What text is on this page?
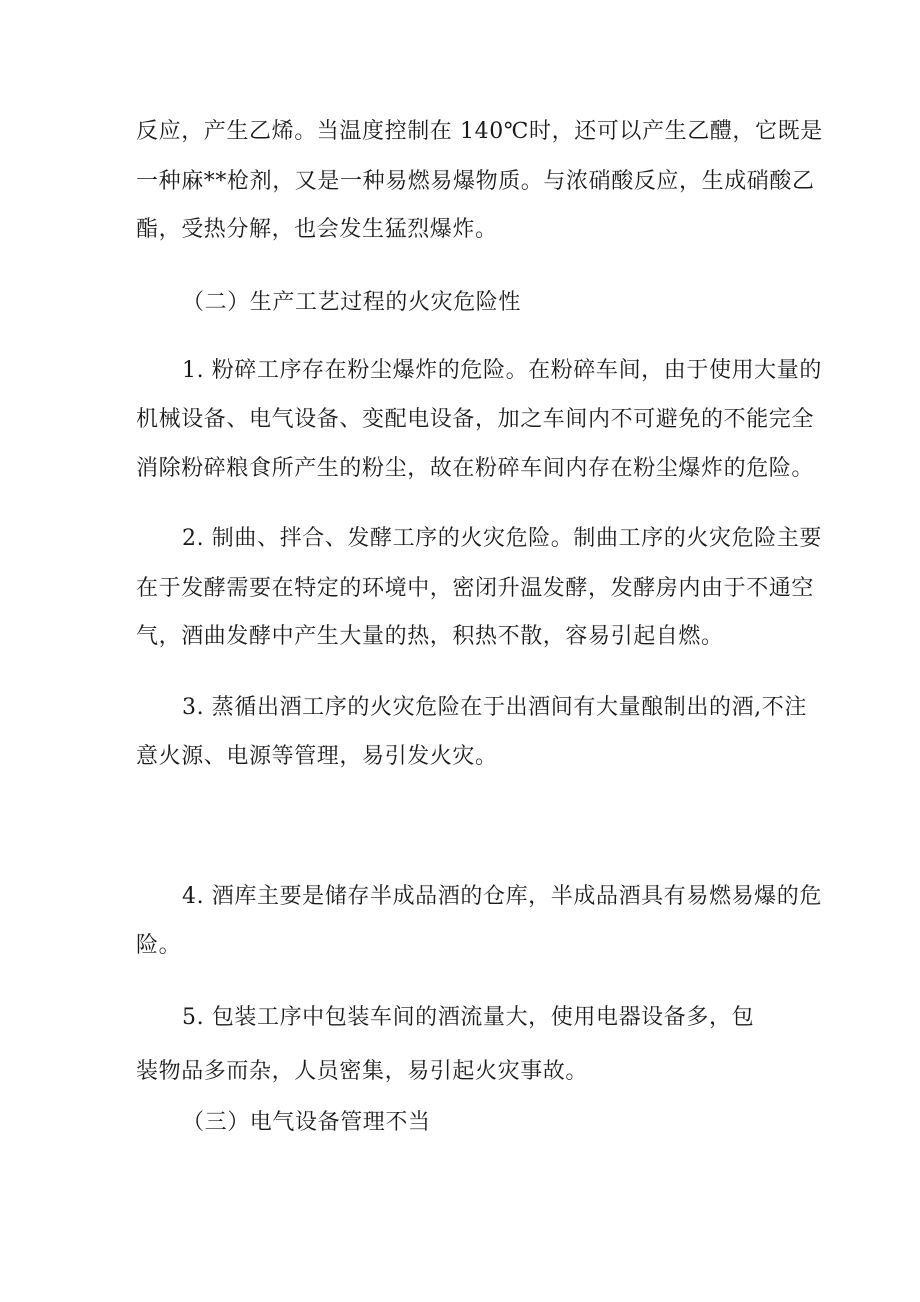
反应，产生乙烯。当温度控制在 140℃时，还可以产生乙醴，它既是
一种麻**枪剂，又是一种易燃易爆物质。与浓硝酸反应，生成硝酸乙
酯，受热分解，也会发生猛烈爆炸。
（二）生产工艺过程的火灾危险性
1. 粉碎工序存在粉尘爆炸的危险。在粉碎车间，由于使用大量的
机械设备、电气设备、变配电设备，加之车间内不可避免的不能完全
消除粉碎粮食所产生的粉尘，故在粉碎车间内存在粉尘爆炸的危险。
2. 制曲、拌合、发酵工序的火灾危险。制曲工序的火灾危险主要
在于发酵需要在特定的环境中，密闭升温发酵，发酵房内由于不通空
气，酒曲发酵中产生大量的热，积热不散，容易引起自燃。
3. 蒸循出酒工序的火灾危险在于出酒间有大量酿制出的酒,不注
意火源、电源等管理，易引发火灾。
4. 酒库主要是储存半成品酒的仓库，半成品酒具有易燃易爆的危
险。
5. 包装工序中包装车间的酒流量大，使用电器设备多，包
装物品多而杂，人员密集，易引起火灾事故。
（三）电气设备管理不当
